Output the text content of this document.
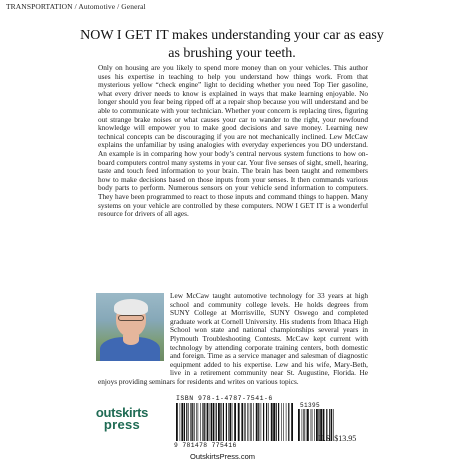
TRANSPORTATION / Automotive / General
NOW I GET IT makes understanding your car as easy as brushing your teeth.
Only on housing are you likely to spend more money than on your vehicles. This author uses his expertise in teaching to help you understand how things work. From that mysterious yellow “check engine” light to deciding whether you need Top Tier gasoline, what every driver needs to know is explained in ways that make learning enjoyable. No longer should you fear being ripped off at a repair shop because you will understand and be able to communicate with your technician. Whether your concern is replacing tires, figuring out strange brake noises or what causes your car to wander to the right, your newfound knowledge will empower you to make good decisions and save money. Learning new technical concepts can be discouraging if you are not mechanically inclined. Lew McCaw explains the unfamiliar by using analogies with everyday experiences you DO understand. An example is in comparing how your body’s central nervous system functions to how on-board computers control many systems in your car. Your five senses of sight, smell, hearing, taste and touch feed information to your brain. The brain has been taught and remembers how to make decisions based on those inputs from your senses. It then commands various body parts to perform. Numerous sensors on your vehicle send information to computers. They have been programmed to react to those inputs and command things to happen. Many systems on your vehicle are controlled by these computers. NOW I GET IT is a wonderful resource for drivers of all ages.
Lew McCaw taught automotive technology for 33 years at high school and community college levels. He holds degrees from SUNY College at Morrisville, SUNY Oswego and completed graduate work at Cornell University. His students from Ithaca High School won state and national championships several years in Plymouth Troubleshooting Contests. McCaw kept current with technology by attending corporate training centers, both domestic and foreign. Time as a service manager and salesman of diagnostic equipment added to his expertise. Lew and his wife, Mary-Beth, live in a retirement community near St. Augustine, Florida. He enjoys providing seminars for residents and writes on various topics.
outskirts
press
ISBN 978-1-4787-7541-6
51395
9 781478 775416
U.S. $13.95
OutskirtsPress.com
